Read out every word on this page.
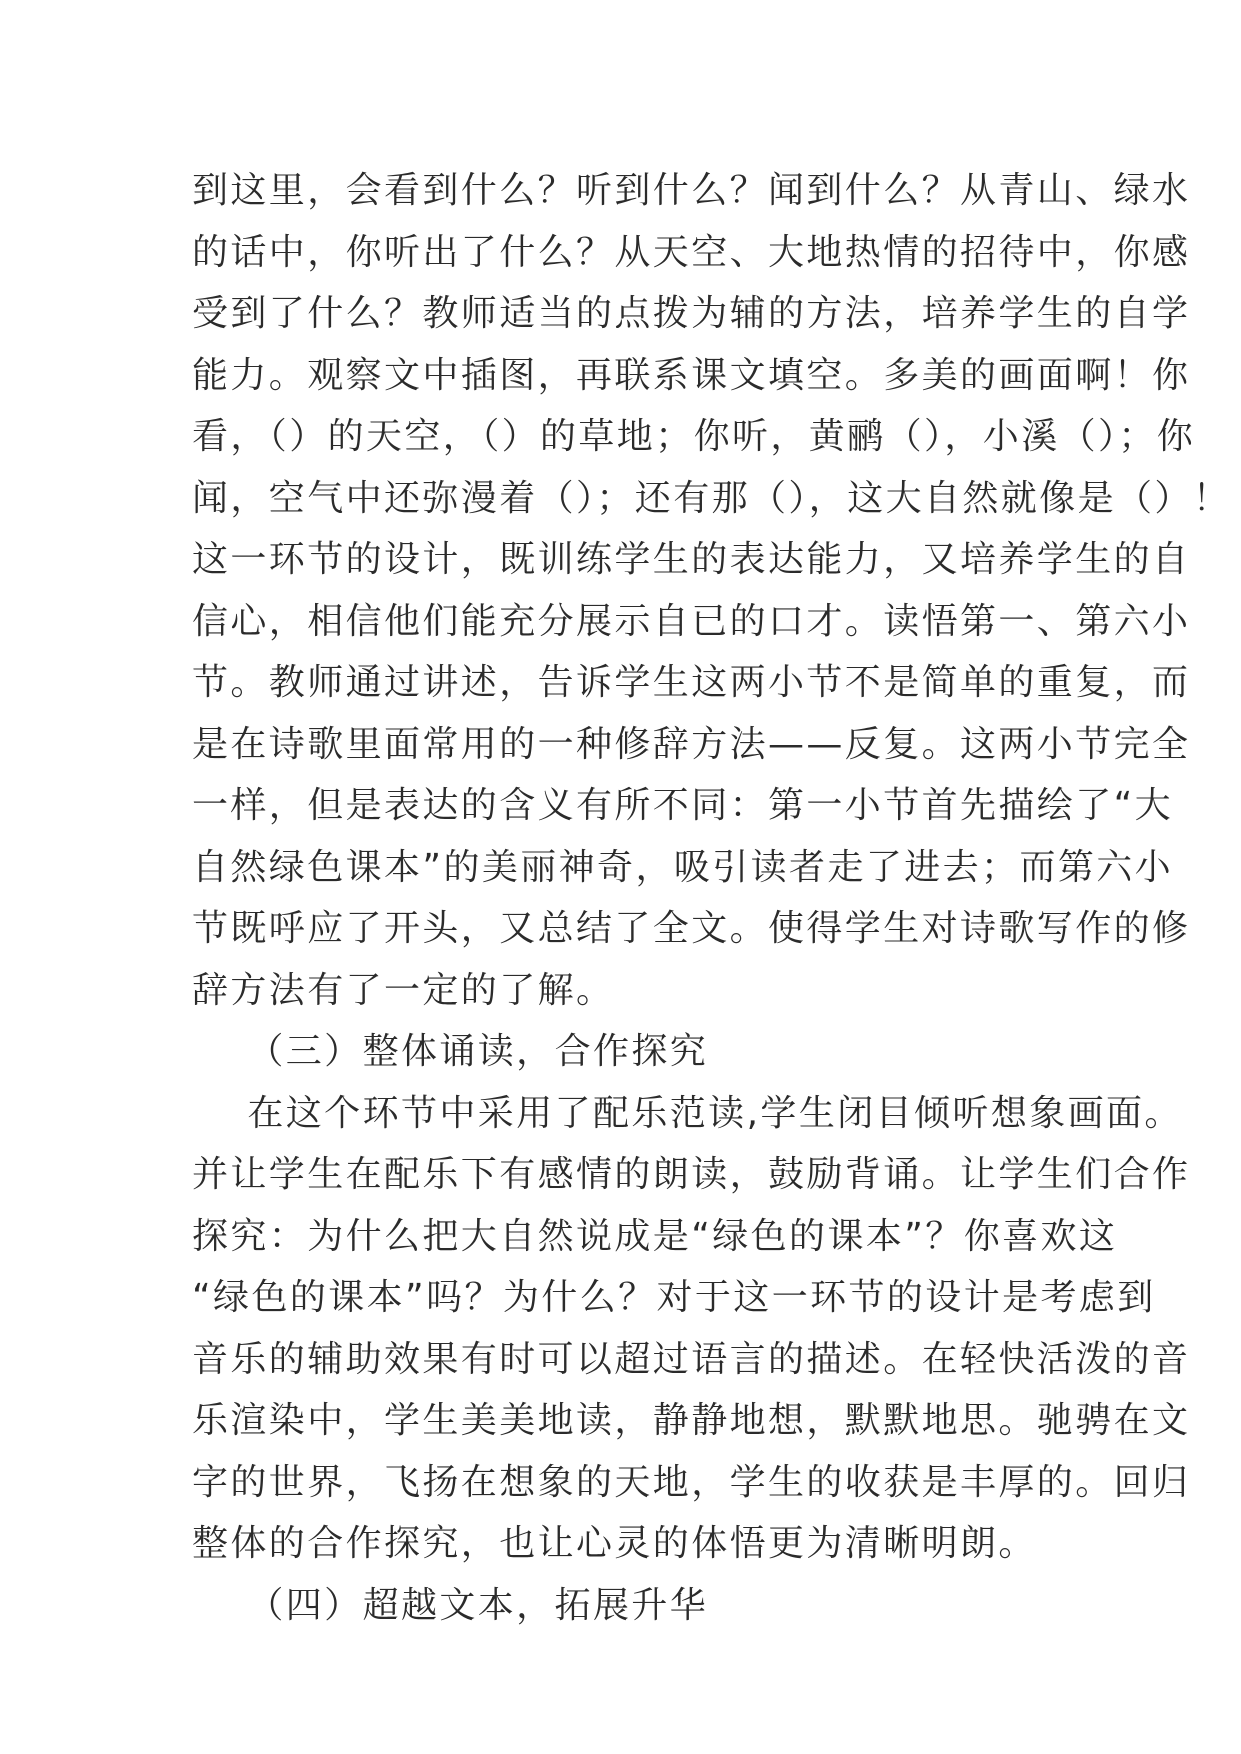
到这里，会看到什么？听到什么？闻到什么？从青山、绿水
的话中，你听出了什么？从天空、大地热情的招待中，你感
受到了什么？教师适当的点拨为辅的方法，培养学生的自学
能力。观察文中插图，再联系课文填空。多美的画面啊！你
看，（）的天空，（）的草地；你听，黄鹂（），小溪（）；你
闻，空气中还弥漫着（）；还有那（），这大自然就像是（）！
这一环节的设计，既训练学生的表达能力，又培养学生的自
信心，相信他们能充分展示自已的口才。读悟第一、第六小
节。教师通过讲述，告诉学生这两小节不是简单的重复，而
是在诗歌里面常用的一种修辞方法——反复。这两小节完全
一样，但是表达的含义有所不同：第一小节首先描绘了“大
自然绿色课本”的美丽神奇，吸引读者走了进去；而第六小
节既呼应了开头，又总结了全文。使得学生对诗歌写作的修
辞方法有了一定的了解。
（三）整体诵读，合作探究
在这个环节中采用了配乐范读,学生闭目倾听想象画面。
并让学生在配乐下有感情的朗读，鼓励背诵。让学生们合作
探究：为什么把大自然说成是“绿色的课本”？你喜欢这
“绿色的课本”吗？为什么？对于这一环节的设计是考虑到
音乐的辅助效果有时可以超过语言的描述。在轻快活泼的音
乐渲染中，学生美美地读，静静地想，默默地思。驰骋在文
字的世界，飞扬在想象的天地，学生的收获是丰厚的。回归
整体的合作探究，也让心灵的体悟更为清晰明朗。
（四）超越文本，拓展升华
